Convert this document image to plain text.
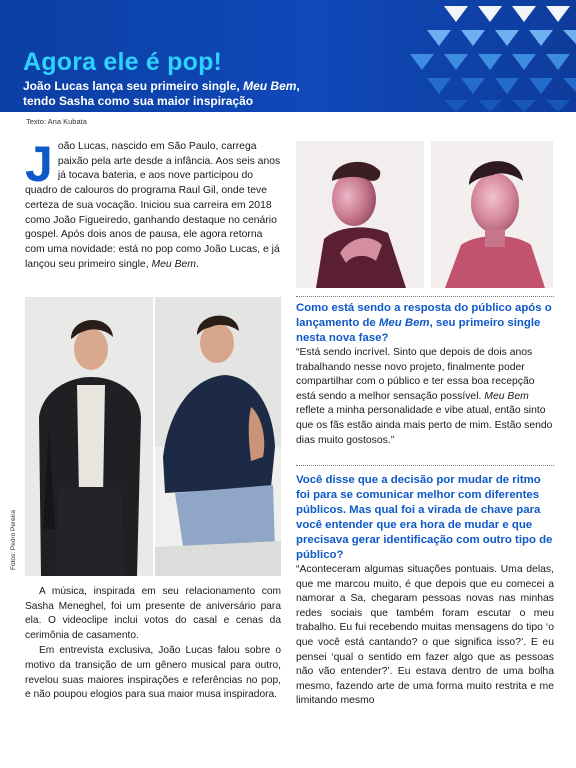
Agora ele é pop!

João Lucas lança seu primeiro single, Meu Bem,
tendo Sasha como sua maior inspiração

Texto: Ana Kubata

João Lucas, nascido em São Paulo, carrega paixão pela arte desde a infância. Aos seis anos já tocava bateria, e aos nove participou do quadro de calouros do programa Raul Gil, onde teve certeza de sua vocação. Iniciou sua carreira em 2018 como João Figueiredo, ganhando destaque no cenário gospel. Após dois anos de pausa, ele agora retorna com uma novidade: está no pop como João Lucas, e já lançou seu primeiro single, Meu Bem.

Fotos: Pedro Pereira

A música, inspirada em seu relacionamento com Sasha Meneghel, foi um presente de aniversário para ela. O videoclipe inclui votos do casal e cenas da cerimônia de casamento.

Em entrevista exclusiva, João Lucas falou sobre o motivo da transição de um gênero musical para outro, revelou suas maiores inspirações e referências no pop, e não poupou elogios para sua maior musa inspiradora.

Como está sendo a resposta do público após o lançamento de Meu Bem, seu primeiro single nesta nova fase?

“Está sendo incrível. Sinto que depois de dois anos trabalhando nesse novo projeto, finalmente poder compartilhar com o público e ter essa boa recepção está sendo a melhor sensação possível. Meu Bem reflete a minha personalidade e vibe atual, então sinto que os fãs estão ainda mais perto de mim. Estão sendo dias muito gostosos.”

Você disse que a decisão por mudar de ritmo foi para se comunicar melhor com diferentes públicos. Mas qual foi a virada de chave para você entender que era hora de mudar e que precisava gerar identificação com outro tipo de público?

“Aconteceram algumas situações pontuais. Uma delas, que me marcou muito, é que depois que eu comecei a namorar a Sa, chegaram pessoas novas nas minhas redes sociais que também foram escutar o meu trabalho. Eu fui recebendo muitas mensagens do tipo ‘o que você está cantando? o que significa isso?’. E eu pensei ‘qual o sentido em fazer algo que as pessoas não vão entender?’. Eu estava dentro de uma bolha mesmo, fazendo arte de uma forma muito restrita e me limitando mesmo
